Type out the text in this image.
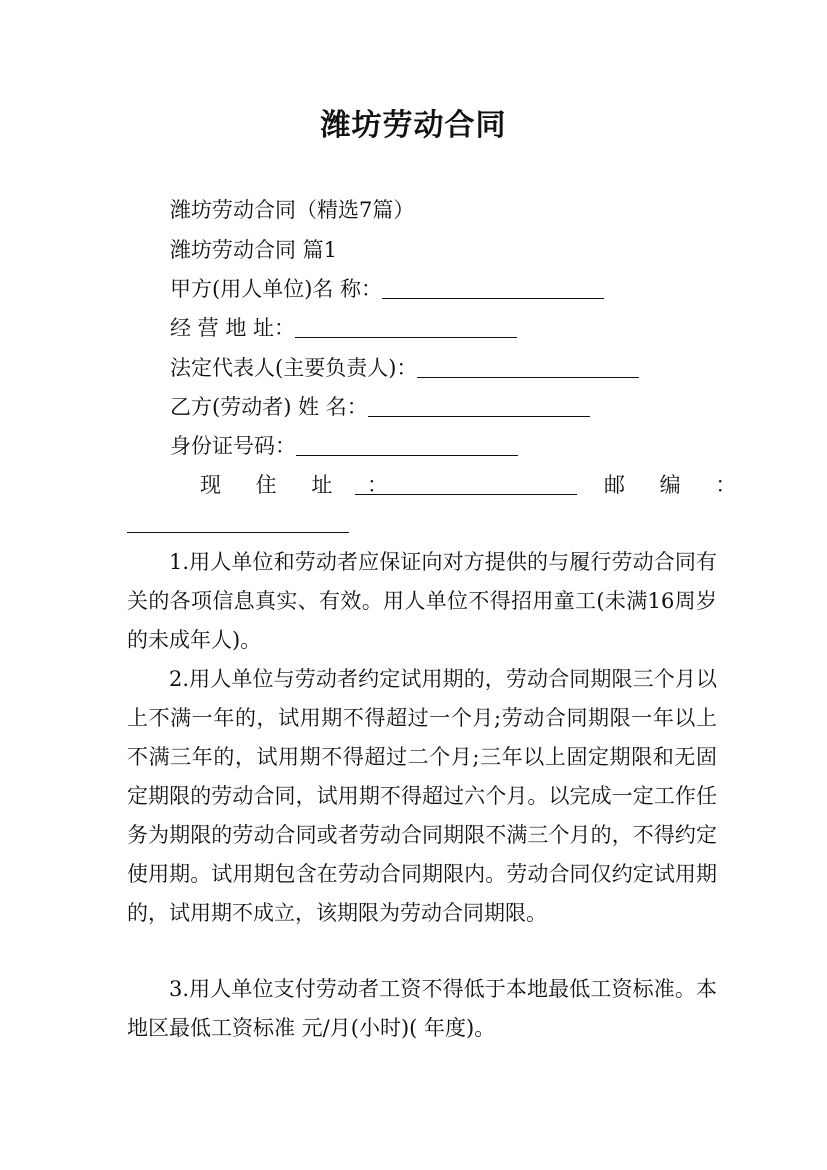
潍坊劳动合同
潍坊劳动合同（精选7篇）
潍坊劳动合同 篇1
甲方(用人单位)名 称：
经 营 地 址：
法定代表人(主要负责人)：
乙方(劳动者) 姓 名：
身份证号码：
现 住 址 ：	邮 编 ：
1.用人单位和劳动者应保证向对方提供的与履行劳动合同有关的各项信息真实、有效。用人单位不得招用童工(未满16周岁的未成年人)。
2.用人单位与劳动者约定试用期的，劳动合同期限三个月以上不满一年的，试用期不得超过一个月;劳动合同期限一年以上不满三年的，试用期不得超过二个月;三年以上固定期限和无固定期限的劳动合同，试用期不得超过六个月。以完成一定工作任务为期限的劳动合同或者劳动合同期限不满三个月的，不得约定使用期。试用期包含在劳动合同期限内。劳动合同仅约定试用期的，试用期不成立，该期限为劳动合同期限。
3.用人单位支付劳动者工资不得低于本地最低工资标准。本地区最低工资标准 元/月(小时)( 年度)。
